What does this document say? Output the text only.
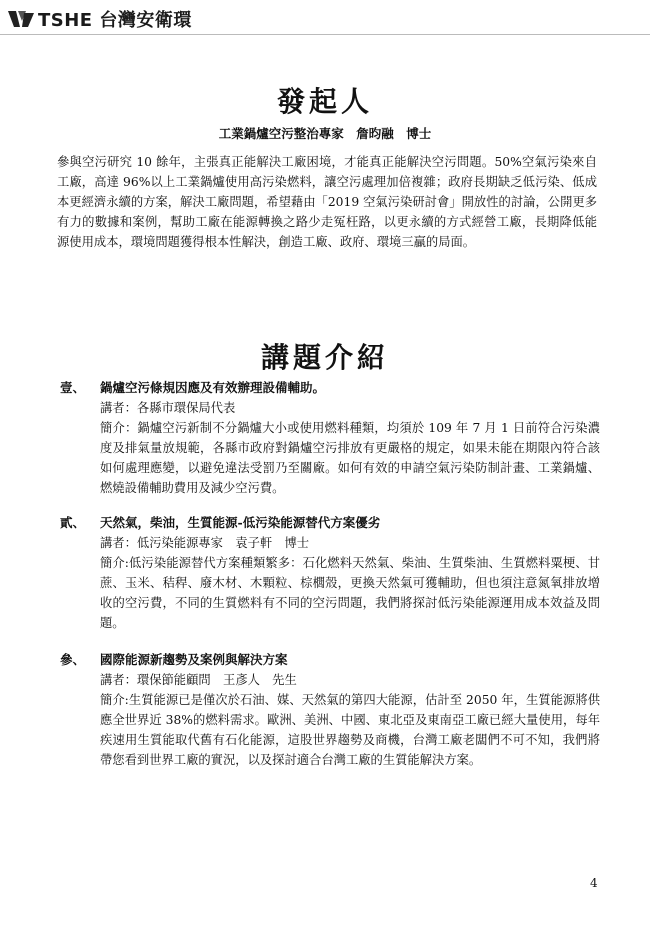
TSHE 台灣安衛環
發起人
工業鍋爐空污整治專家　詹昀融　博士
參與空污研究 10 餘年，主張真正能解決工廠困境，才能真正能解決空污問題。50%空氣污染來自工廠，高達 96%以上工業鍋爐使用高污染燃料，讓空污處理加倍複雜；政府長期缺乏低污染、低成本更經濟永續的方案，解決工廠問題，希望藉由「2019 空氣污染研討會」開放性的討論，公開更多有力的數據和案例，幫助工廠在能源轉換之路少走冤枉路，以更永續的方式經營工廠，長期降低能源使用成本，環境問題獲得根本性解決，創造工廠、政府、環境三贏的局面。
講題介紹
壹、	鍋爐空污條規因應及有效辦理設備輔助。
講者：各縣市環保局代表
簡介：鍋爐空污新制不分鍋爐大小或使用燃料種類，均須於 109 年 7 月 1 日前符合污染濃度及排氣量放規範，各縣市政府對鍋爐空污排放有更嚴格的規定，如果未能在期限內符合該如何處理應變，以避免違法受罰乃至關廠。如何有效的申請空氣污染防制計畫、工業鍋爐、燃燒設備輔助費用及減少空污費。
貳、	天然氣，柴油，生質能源-低污染能源替代方案優劣
講者：低污染能源專家　袁子軒　博士
簡介:低污染能源替代方案種類繁多：石化燃料天然氣、柴油、生質柴油、生質燃料粟梗、甘蔗、玉米、秸稈、廢木材、木顆粒、棕櫚殼，更換天然氣可獲輔助，但也須注意氮氧排放增收的空污費，不同的生質燃料有不同的空污問題，我們將探討低污染能源運用成本效益及問題。
參、	國際能源新趨勢及案例與解決方案
講者：環保節能顧問　王彥人　先生
簡介:生質能源已是僅次於石油、媒、天然氣的第四大能源，估計至 2050 年，生質能源將供應全世界近 38%的燃料需求。歐洲、美洲、中國、東北亞及東南亞工廠已經大量使用，每年疾速用生質能取代舊有石化能源，這股世界趨勢及商機，台灣工廠老闆們不可不知，我們將帶您看到世界工廠的實況，以及探討適合台灣工廠的生質能解決方案。
4
